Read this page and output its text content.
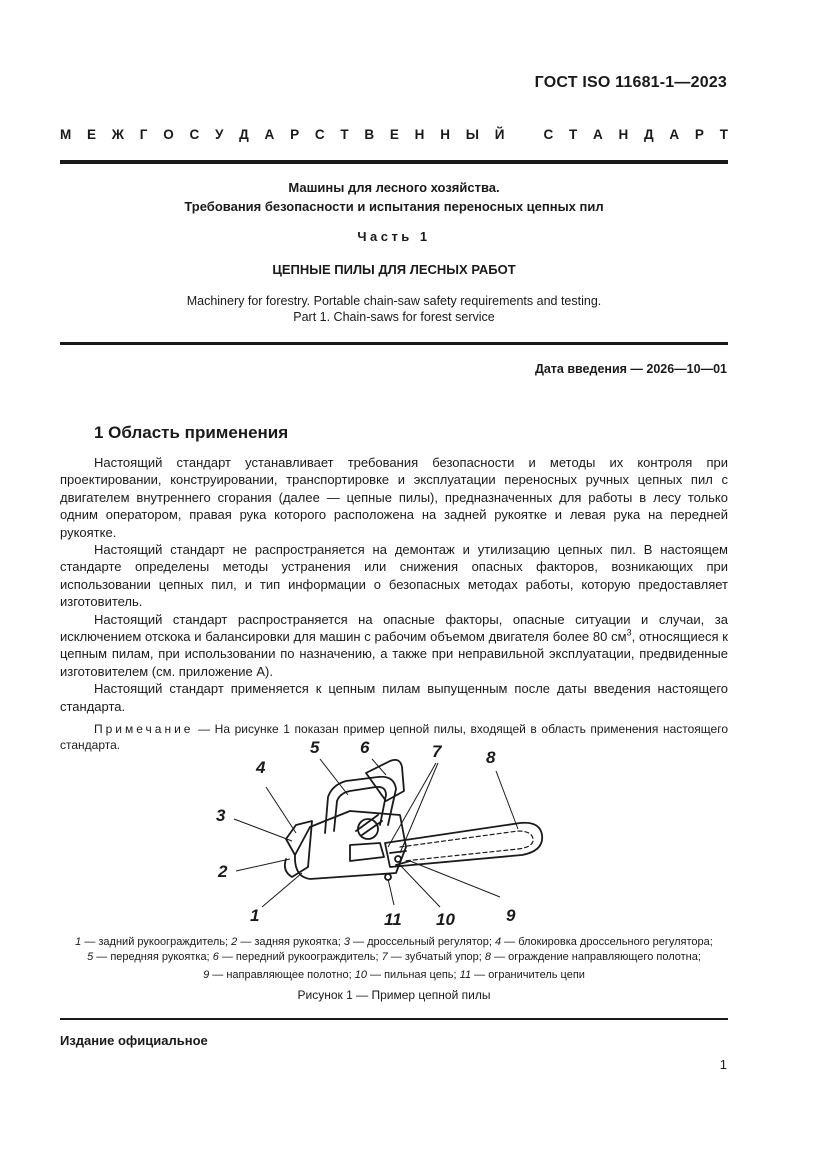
ГОСТ ISO 11681-1—2023
М Е Ж Г О С У Д А Р С Т В Е Н Н Ы Й
	С Т А Н Д А Р Т
Машины для лесного хозяйства.
Требования безопасности и испытания переносных цепных пил
Часть 1
ЦЕПНЫЕ ПИЛЫ ДЛЯ ЛЕСНЫХ РАБОТ
Machinery for forestry. Portable chain-saw safety requirements and testing.
Part 1. Chain-saws for forest service
Дата введения — 2026—10—01
1 Область применения

Настоящий стандарт устанавливает требования безопасности и методы их контроля при проектировании, конструировании, транспортировке и эксплуатации переносных ручных цепных пил с двигателем внутреннего сгорания (далее — цепные пилы), предназначенных для работы в лесу только одним оператором, правая рука которого расположена на задней рукоятке и левая рука на передней рукоятке.

Настоящий стандарт не распространяется на демонтаж и утилизацию цепных пил. В настоящем стандарте определены методы устранения или снижения опасных факторов, возникающих при использовании цепных пил, и тип информации о безопасных методах работы, которую предоставляет изготовитель.

Настоящий стандарт распространяется на опасные факторы, опасные ситуации и случаи, за исключением отскока и балансировки для машин с рабочим объемом двигателя более 80 $см^3$, относящиеся к цепным пилам, при использовании по назначению, а также при неправильной эксплуатации, предвиденные изготовителем (см. приложение А).

Настоящий стандарт применяется к цепным пилам выпущенным после даты введения настоящего стандарта.

Примечание — На рисунке 1 показан пример цепной пилы, входящей в область применения настоящего стандарта.

1
2
3
4
5 6	7	8
9
10
11
1 — задний рукоограждитель; 2 — задняя рукоятка; 3 — дроссельный регулятор; 4 — блокировка дроссельного регулятора;
5 — передняя рукоятка; 6 — передний рукоограждитель; 7 — зубчатый упор; 8 — ограждение направляющего полотна;
9 — направляющее полотно; 10 — пильная цепь; 11 — ограничитель цепи
Рисунок 1 — Пример цепной пилы
Издание официальное
1
